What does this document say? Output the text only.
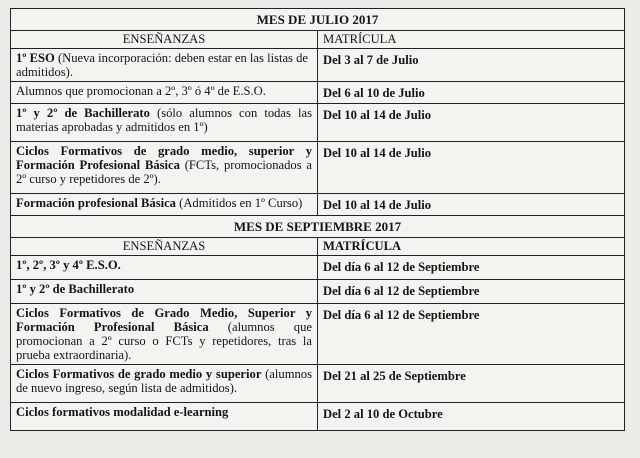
MES DE JULIO 2017	
ENSEÑANZAS	MATRÍCULA
1º ESO (Nueva incorporación: deben estar en las listas de admitidos).	Del 3 al 7 de Julio
Alumnos que promocionan a 2º, 3º ó 4º de E.S.O.	Del 6 al 10 de Julio
1º y 2º de Bachillerato (sólo alumnos con todas las materias aprobadas y admitidos en 1º)	Del 10 al 14 de Julio
Ciclos Formativos de grado medio, superior y Formación Profesional Básica (FCTs, promocionados a 2º curso y repetidores de 2º).	Del 10 al 14 de Julio
Formación profesional Básica (Admitidos en 1º Curso)	Del 10 al 14 de Julio
MES DE SEPTIEMBRE 2017	
ENSEÑANZAS	MATRÍCULA
1º, 2º, 3º y 4º E.S.O.	Del día 6 al 12 de Septiembre
1º y 2º de Bachillerato	Del día 6 al 12 de Septiembre
Ciclos Formativos de Grado Medio, Superior y Formación Profesional Básica (alumnos que promocionan a 2º curso o FCTs y repetidores, tras la prueba extraordinaria).	Del día 6 al 12 de Septiembre
Ciclos Formativos de grado medio y superior (alumnos de nuevo ingreso, según lista de admitidos).	Del 21 al 25 de Septiembre
Ciclos formativos modalidad e-learning	Del 2 al 10 de Octubre
